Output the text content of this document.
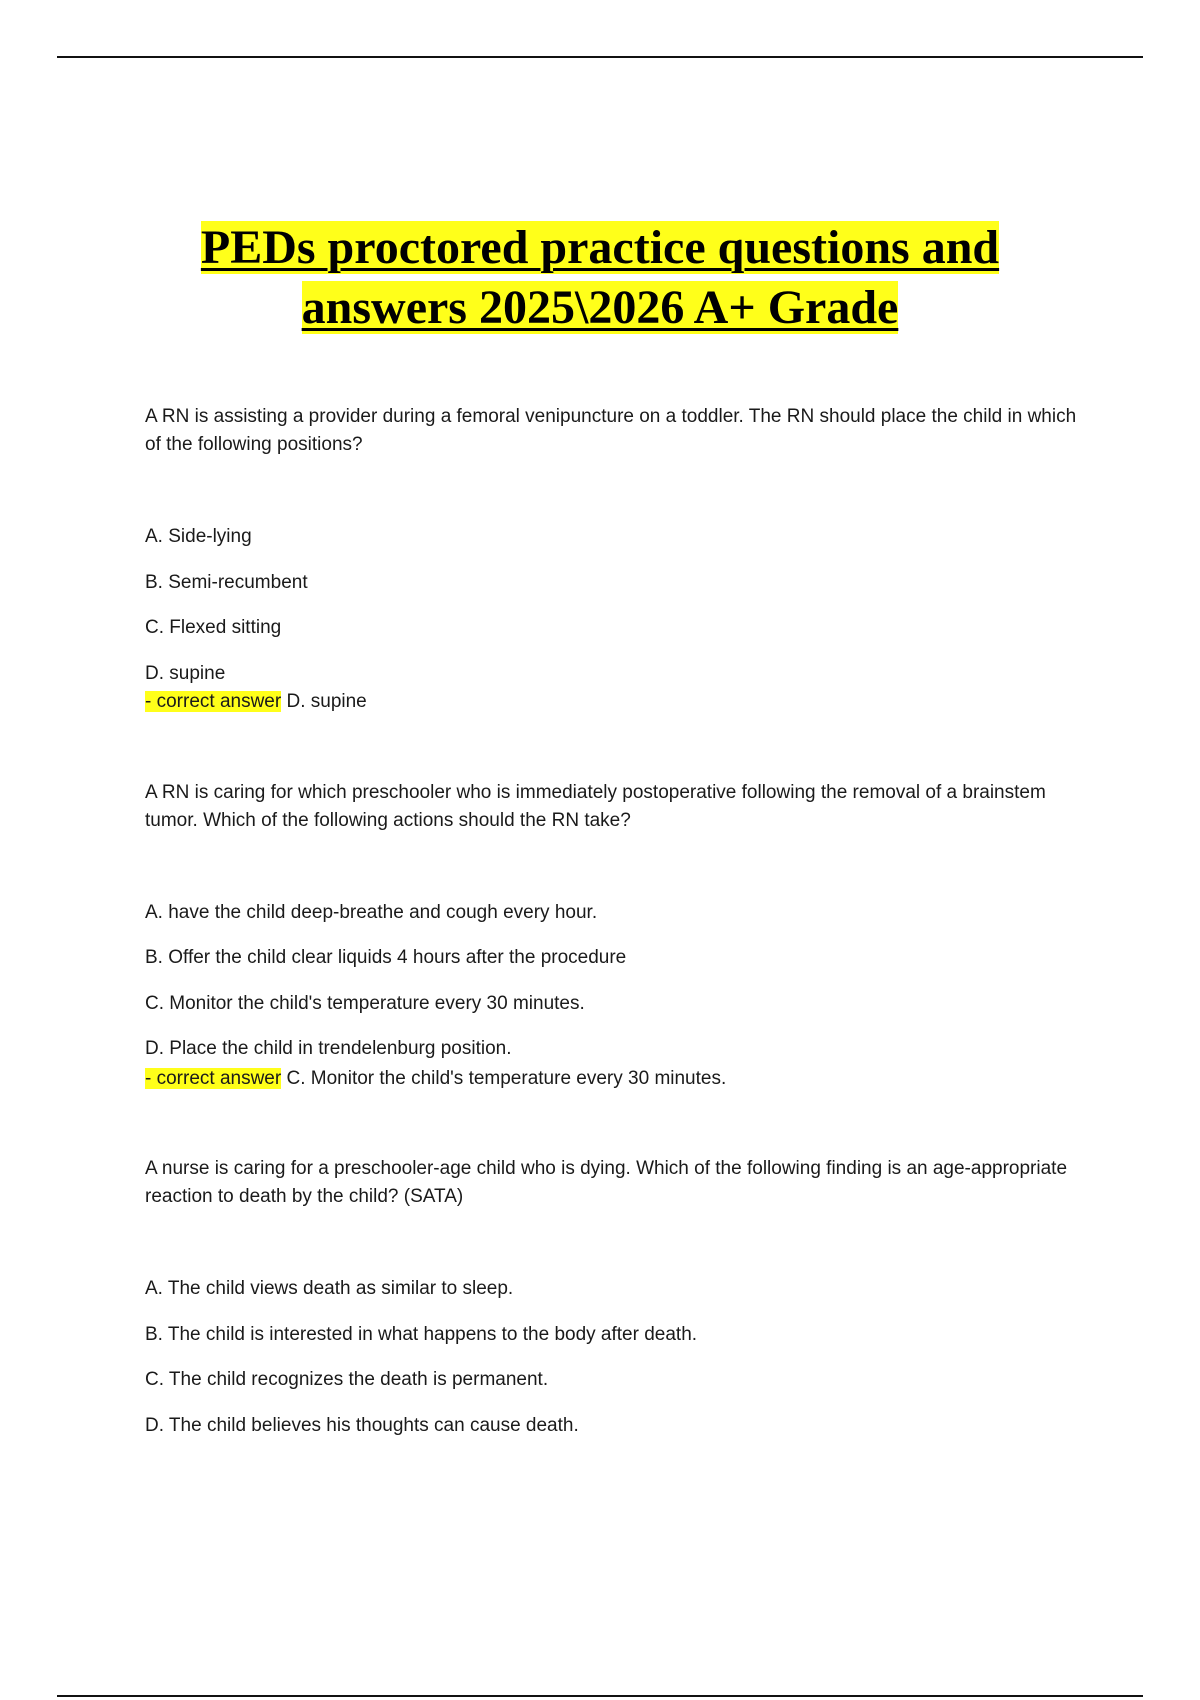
PEDs proctored practice questions and
answers 2025\2026 A+ Grade
A RN is assisting a provider during a femoral venipuncture on a toddler. The RN should place the child in which of the following positions?
A. Side-lying
B. Semi-recumbent
C. Flexed sitting
D. supine
- correct answer D. supine
A RN is caring for which preschooler who is immediately postoperative following the removal of a brainstem tumor. Which of the following actions should the RN take?
A. have the child deep-breathe and cough every hour.
B. Offer the child clear liquids 4 hours after the procedure
C. Monitor the child's temperature every 30 minutes.
D. Place the child in trendelenburg position.
- correct answer C. Monitor the child's temperature every 30 minutes.
A nurse is caring for a preschooler-age child who is dying. Which of the following finding is an age-appropriate reaction to death by the child? (SATA)
A. The child views death as similar to sleep.
B. The child is interested in what happens to the body after death.
C. The child recognizes the death is permanent.
D. The child believes his thoughts can cause death.
